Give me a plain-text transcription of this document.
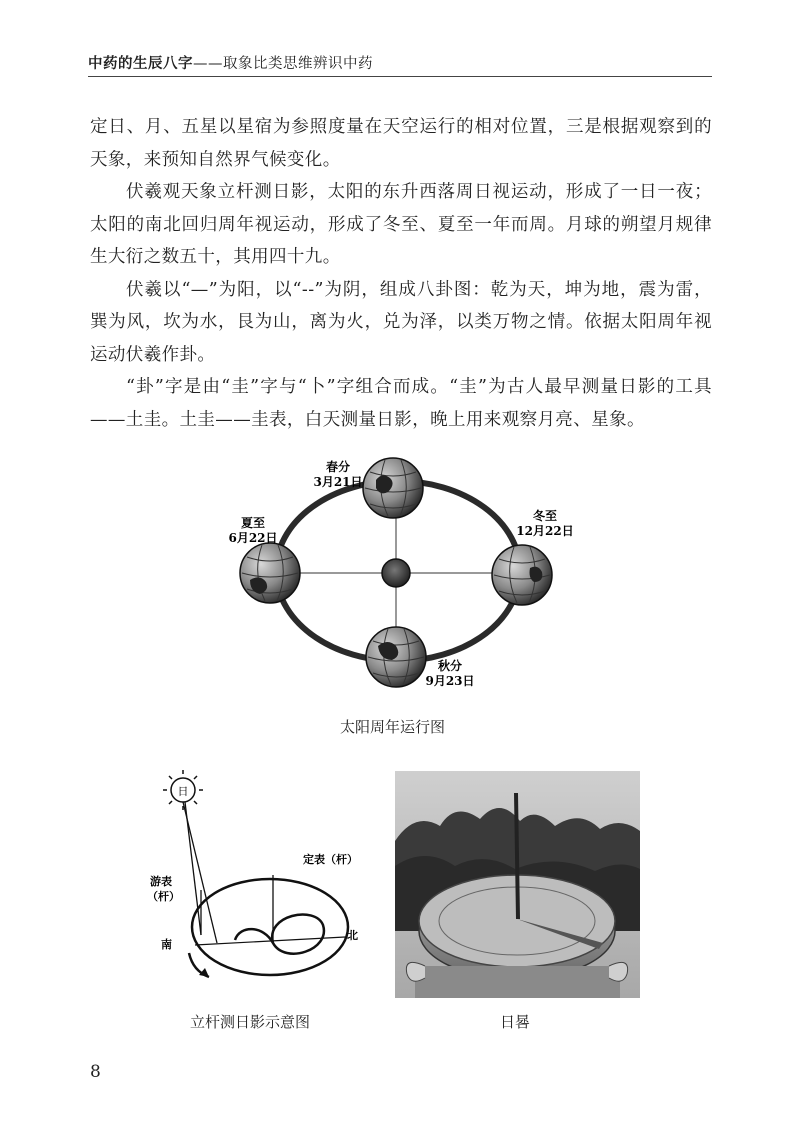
中药的生辰八字——取象比类思维辨识中药

定日、月、五星以星宿为参照度量在天空运行的相对位置，三是根据观察到的天象，来预知自然界气候变化。

伏羲观天象立杆测日影，太阳的东升西落周日视运动，形成了一日一夜；太阳的南北回归周年视运动，形成了冬至、夏至一年而周。月球的朔望月规律生大衍之数五十，其用四十九。

伏羲以“—”为阳，以“--”为阴，组成八卦图：乾为天，坤为地，震为雷，巽为风，坎为水，艮为山，离为火，兑为泽，以类万物之情。依据太阳周年视运动伏羲作卦。

“卦”字是由“圭”字与“卜”字组合而成。“圭”为古人最早测量日影的工具——土圭。土圭——圭表，白天测量日影，晚上用来观察月亮、星象。

春分
3月21日
夏至
6月22日
冬至
12月22日
秋分
9月23日
太阳周年运行图
日
定表（杆）
游表
（杆）
南
北
立杆测日影示意图	日晷
8
